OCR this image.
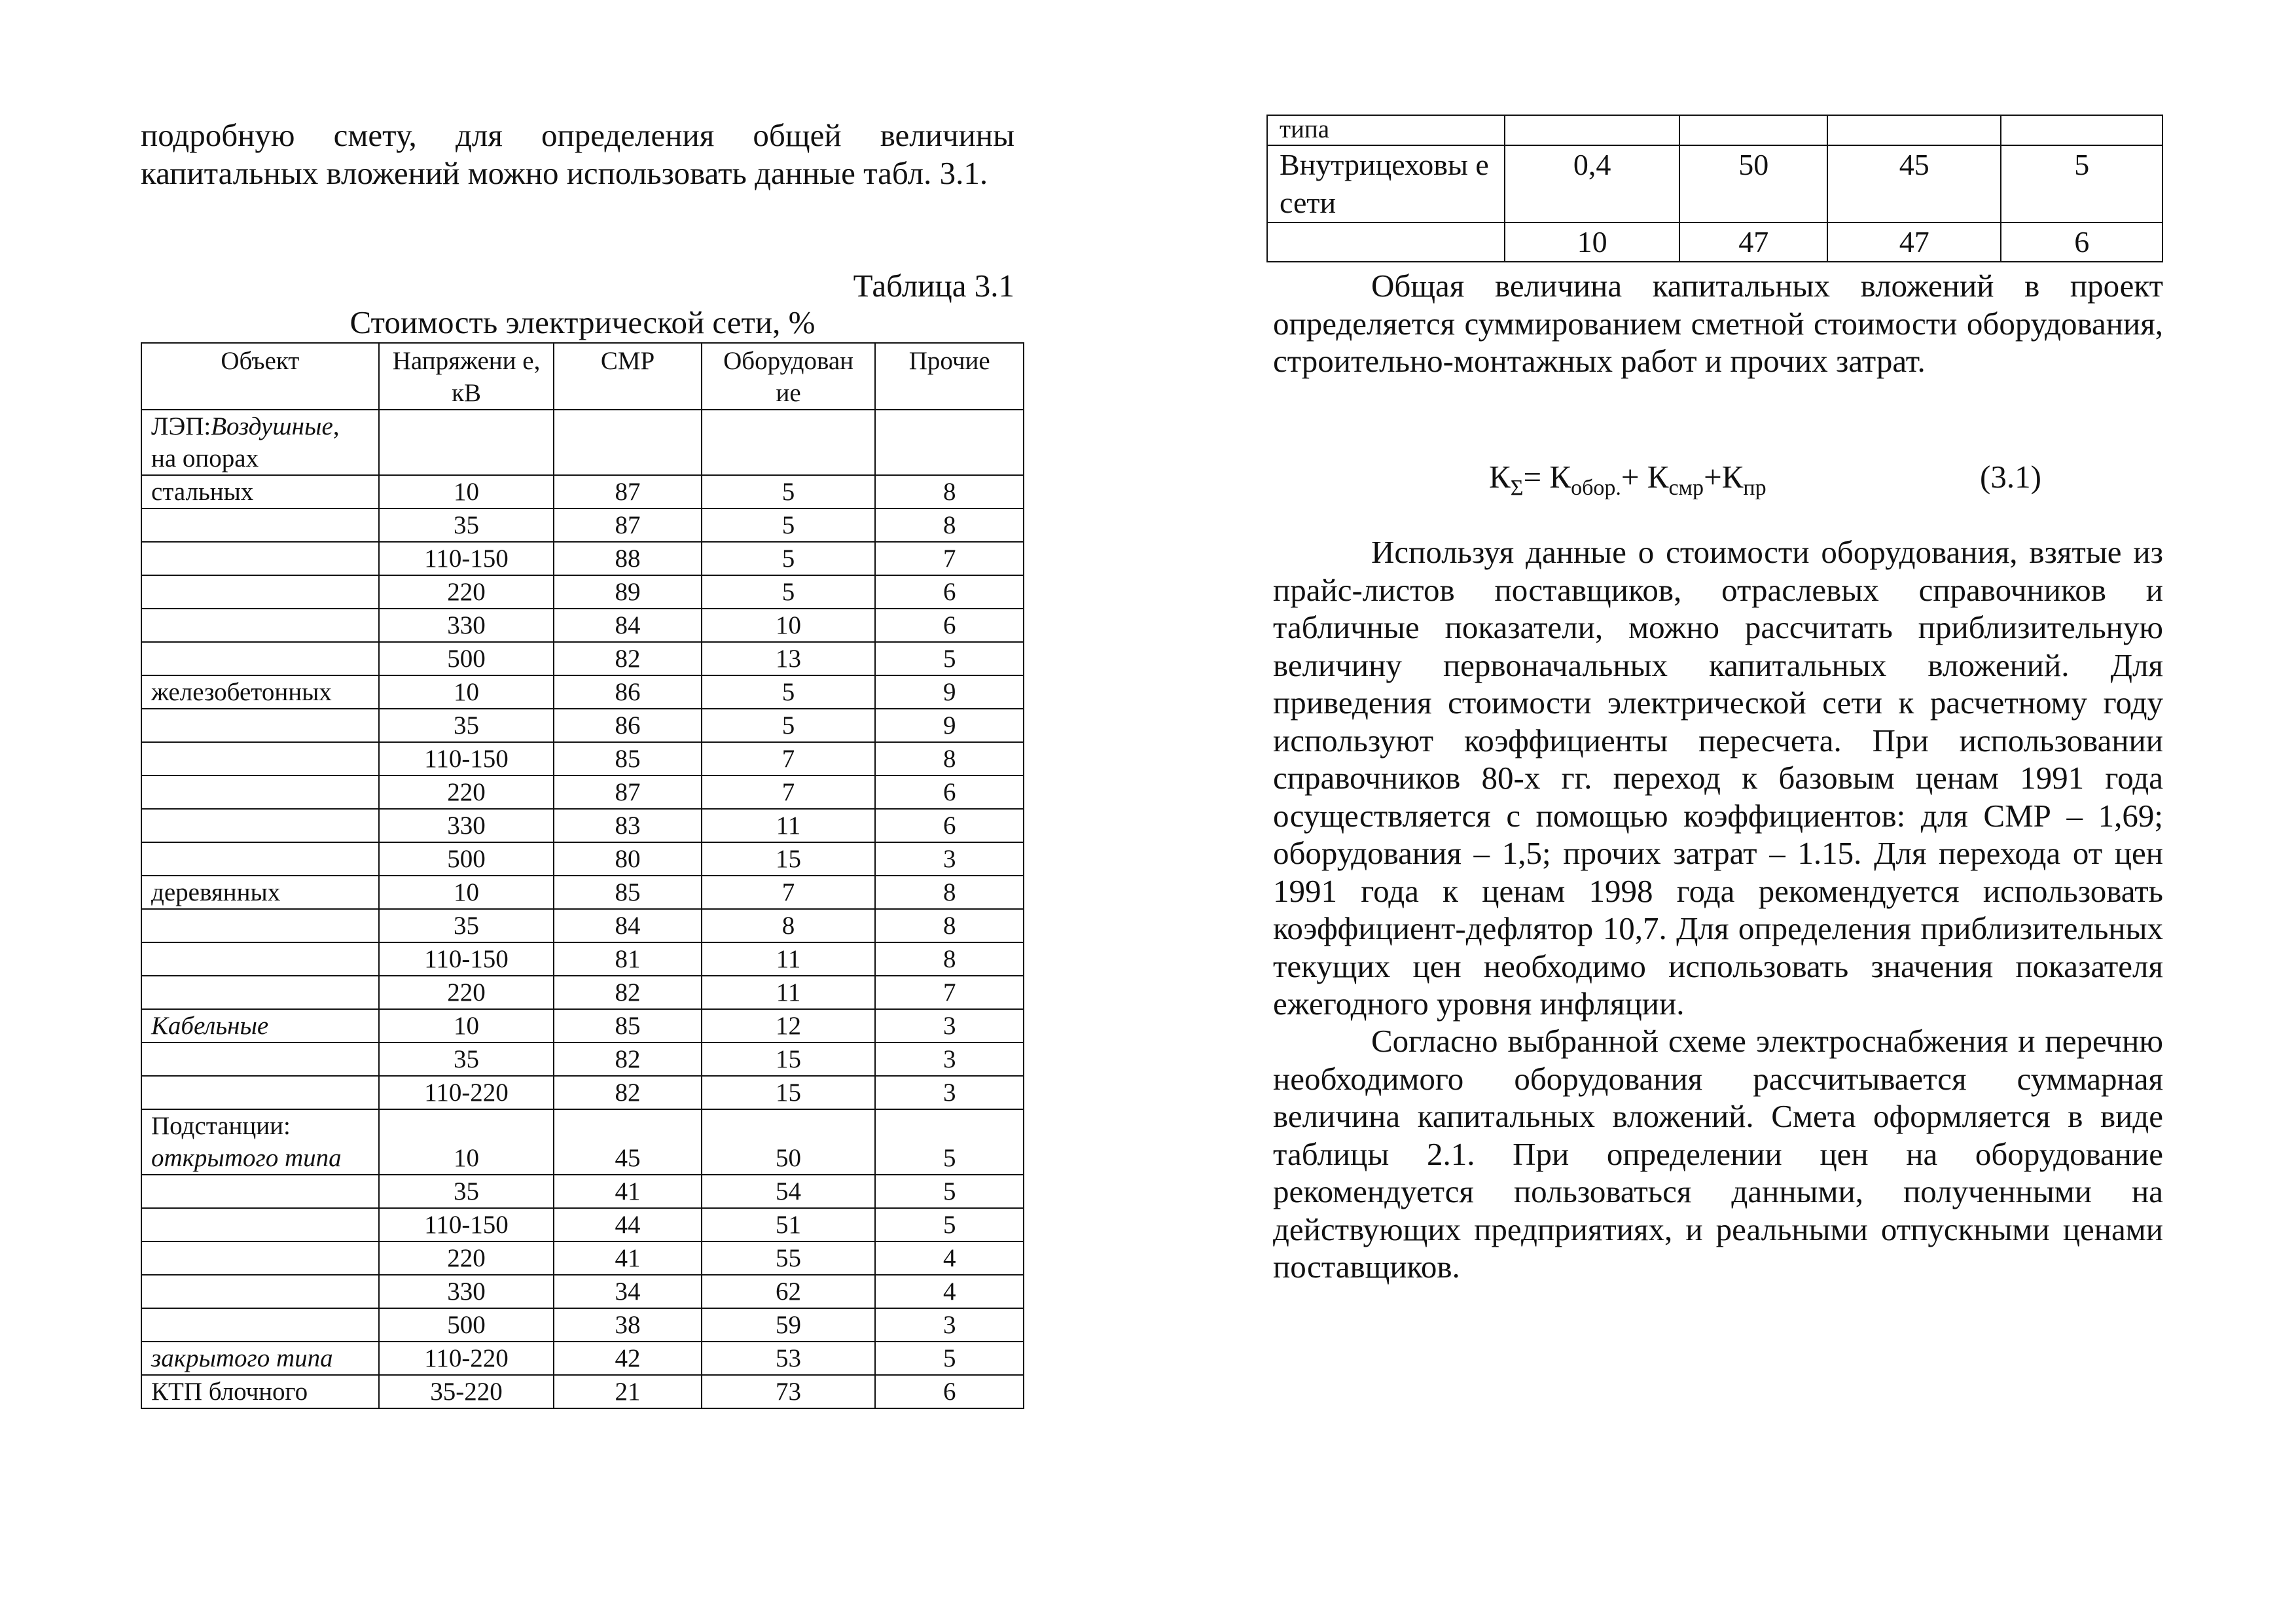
подробную смету, для определения общей величины капитальных вложений можно использовать данные табл. 3.1.

Таблица 3.1

Стоимость электрической сети, %

Объект	Напряжени е, кВ	СМР	Оборудован ие	Прочие
ЛЭП:Воздушные,
на опорах				
стальных	10	87	5	8
	35	87	5	8
	110-150	88	5	7
	220	89	5	6
	330	84	10	6
	500	82	13	5
железобетонных	10	86	5	9
	35	86	5	9
	110-150	85	7	8
	220	87	7	6
	330	83	11	6
	500	80	15	3
деревянных	10	85	7	8
	35	84	8	8
	110-150	81	11	8
	220	82	11	7
Кабельные	10	85	12	3
	35	82	15	3
	110-220	82	15	3
Подстанции:
открытого типа	10	45	50	5
	35	41	54	5
	110-150	44	51	5
	220	41	55	4
	330	34	62	4
	500	38	59	3
закрытого типа	110-220	42	53	5
КТП блочного	35-220	21	73	6
типа				
Внутрицеховы е сети	0,4	50	45	5
	10	47	47	6

Общая величина капитальных вложений в проект определяется суммированием сметной стоимости оборудования, строительно-монтажных работ и прочих затрат.

$К_\Sigma= К_{обор.}+ К_{смр}+К_{пр}$	(3.1)

Используя данные о стоимости оборудования, взятые из прайс-листов поставщиков, отраслевых справочников и табличные показатели, можно рассчитать приблизительную величину первоначальных капитальных вложений. Для приведения стоимости электрической сети к расчетному году используют коэффициенты пересчета. При использовании справочников 80-х гг. переход к базовым ценам 1991 года осуществляется с помощью коэффициентов: для СМР – 1,69; оборудования – 1,5; прочих затрат – 1.15. Для перехода от цен 1991 года к ценам 1998 года рекомендуется использовать коэффициент-дефлятор 10,7. Для определения приблизительных текущих цен необходимо использовать значения показателя ежегодного уровня инфляции.

Согласно выбранной схеме электроснабжения и перечню необходимого оборудования рассчитывается суммарная величина капитальных вложений. Смета оформляется в виде таблицы 2.1. При определении цен на оборудование рекомендуется пользоваться данными, полученными на действующих предприятиях, и реальными отпускными ценами поставщиков.
